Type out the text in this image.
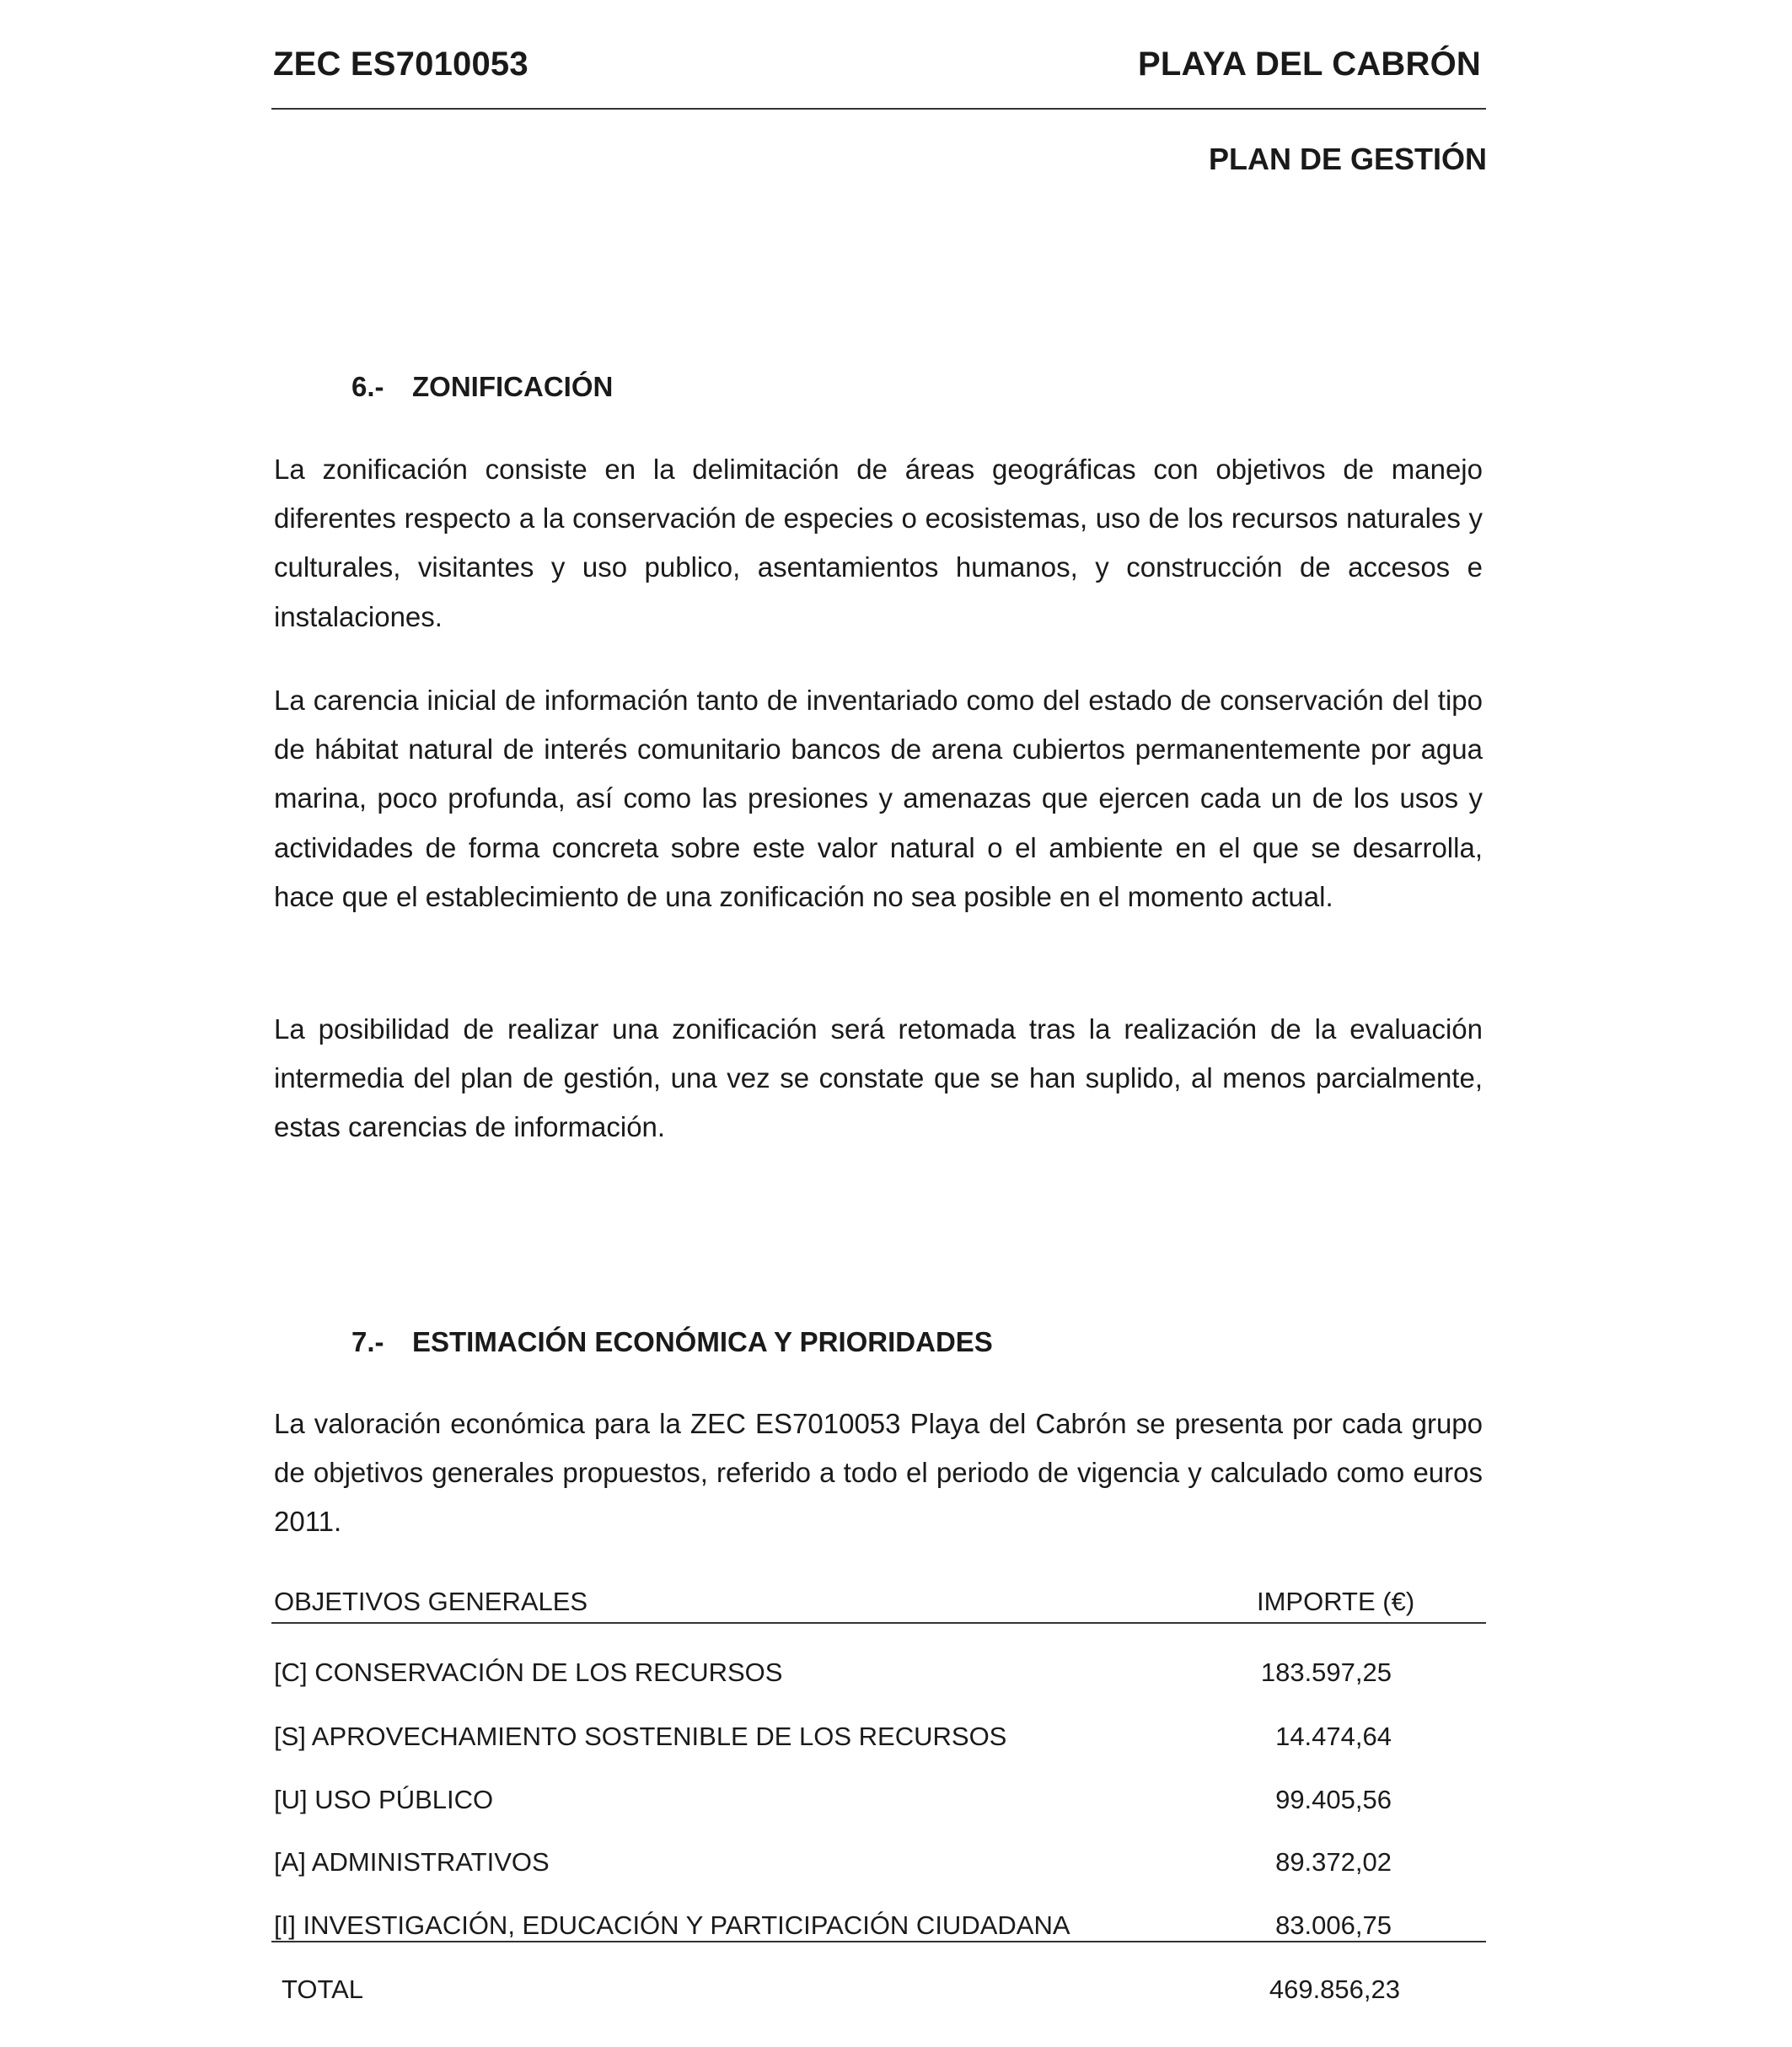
ZEC ES7010053	PLAYA DEL CABRÓN
PLAN DE GESTIÓN
6.- ZONIFICACIÓN

La zonificación consiste en la delimitación de áreas geográficas con objetivos de manejo diferentes respecto a la conservación de especies o ecosistemas, uso de los recursos naturales y culturales, visitantes y uso publico, asentamientos humanos, y construcción de accesos e instalaciones.

La carencia inicial de información tanto de inventariado como del estado de conservación del tipo de hábitat natural de interés comunitario bancos de arena cubiertos permanentemente por agua marina, poco profunda, así como las presiones y amenazas que ejercen cada un de los usos y actividades de forma concreta sobre este valor natural o el ambiente en el que se desarrolla, hace que el establecimiento de una zonificación no sea posible en el momento actual.

La posibilidad de realizar una zonificación será retomada tras la realización de la evaluación intermedia del plan de gestión, una vez se constate que se han suplido, al menos parcialmente, estas carencias de información.

7.- ESTIMACIÓN ECONÓMICA Y PRIORIDADES

La valoración económica para la ZEC ES7010053 Playa del Cabrón se presenta por cada grupo de objetivos generales propuestos, referido a todo el periodo de vigencia y calculado como euros 2011.

OBJETIVOS GENERALES	IMPORTE (€)
[C] CONSERVACIÓN DE LOS RECURSOS	183.597,25
[S] APROVECHAMIENTO SOSTENIBLE DE LOS RECURSOS	14.474,64
[U] USO PÚBLICO	99.405,56
[A] ADMINISTRATIVOS	89.372,02
[I] INVESTIGACIÓN, EDUCACIÓN Y PARTICIPACIÓN CIUDADANA	83.006,75
TOTAL	469.856,23
